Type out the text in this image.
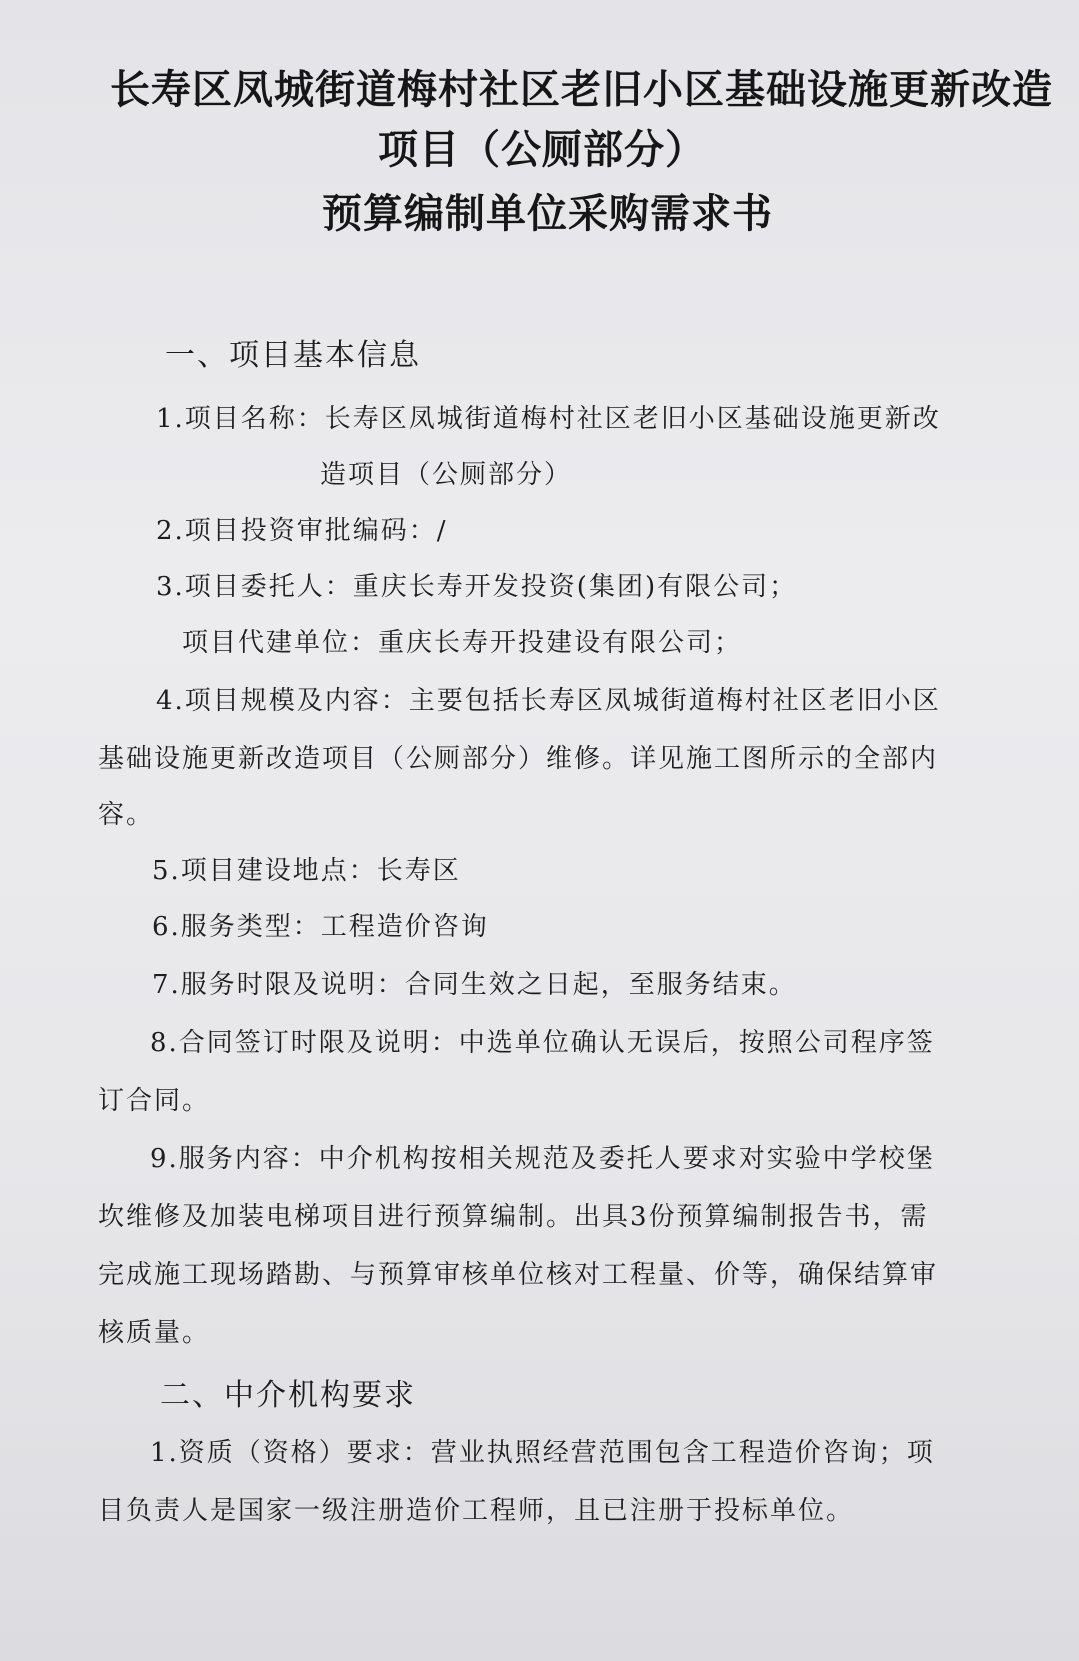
长寿区凤城街道梅村社区老旧小区基础设施更新改造
项目（公厕部分）
预算编制单位采购需求书
一、项目基本信息
1.项目名称：长寿区凤城街道梅村社区老旧小区基础设施更新改
造项目（公厕部分）
2.项目投资审批编码：/
3.项目委托人：重庆长寿开发投资(集团)有限公司；
项目代建单位：重庆长寿开投建设有限公司；
4.项目规模及内容：主要包括长寿区凤城街道梅村社区老旧小区
基础设施更新改造项目（公厕部分）维修。详见施工图所示的全部内
容。
5.项目建设地点：长寿区
6.服务类型：工程造价咨询
7.服务时限及说明：合同生效之日起，至服务结束。
8.合同签订时限及说明：中选单位确认无误后，按照公司程序签
订合同。
9.服务内容：中介机构按相关规范及委托人要求对实验中学校堡
坎维修及加装电梯项目进行预算编制。出具3份预算编制报告书，需
完成施工现场踏勘、与预算审核单位核对工程量、价等，确保结算审
核质量。
二、中介机构要求
1.资质（资格）要求：营业执照经营范围包含工程造价咨询；项
目负责人是国家一级注册造价工程师，且已注册于投标单位。
